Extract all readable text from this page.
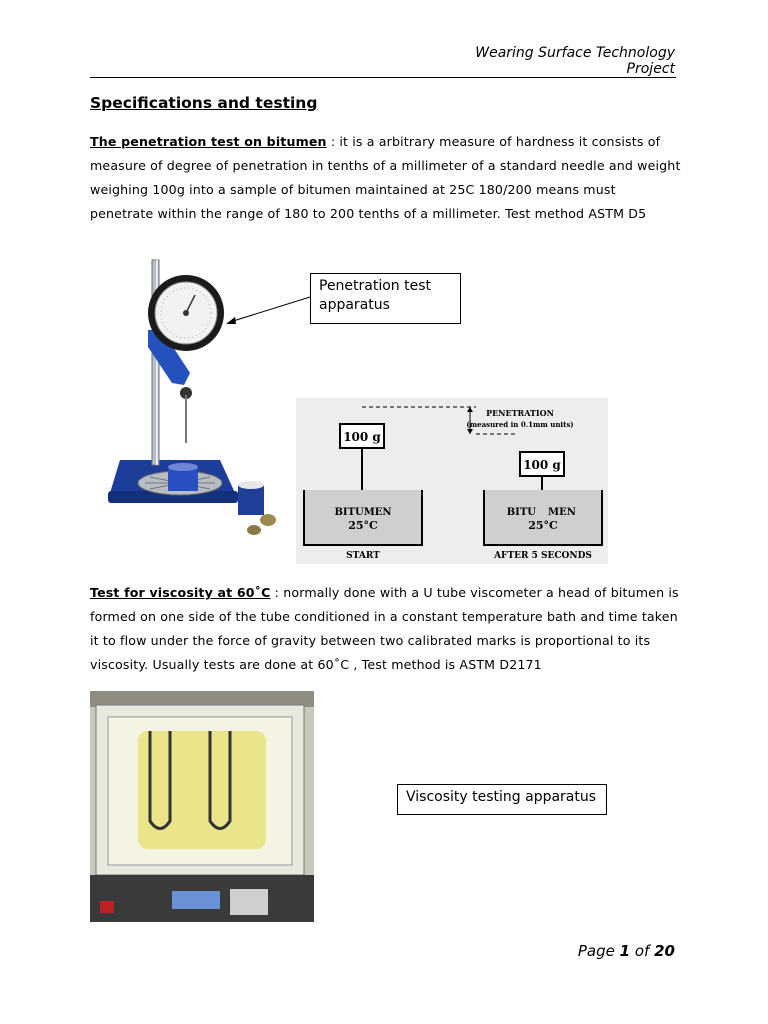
Wearing Surface Technology
Project
Specifications and testing
The penetration test on bitumen : it is a arbitrary measure of hardness it consists of measure of degree of penetration in tenths of a millimeter of a standard needle and weight weighing 100g into a sample of bitumen maintained at 25C 180/200 means must penetrate within the range of 180 to 200 tenths of a millimeter. Test method ASTM D5
Penetration test apparatus
100 g
BITUMEN
25°C
START
PENETRATION
(measured in 0.1mm units)
100 g
BITU MEN
25°C
AFTER 5 SECONDS
Test for viscosity at 60˚C : normally done with a U tube viscometer a head of bitumen is formed on one side of the tube conditioned in a constant temperature bath and time taken it to flow under the force of gravity between two calibrated marks is proportional to its viscosity. Usually tests are done at 60˚C , Test method is ASTM D2171
Viscosity testing apparatus
Page 1 of 20
